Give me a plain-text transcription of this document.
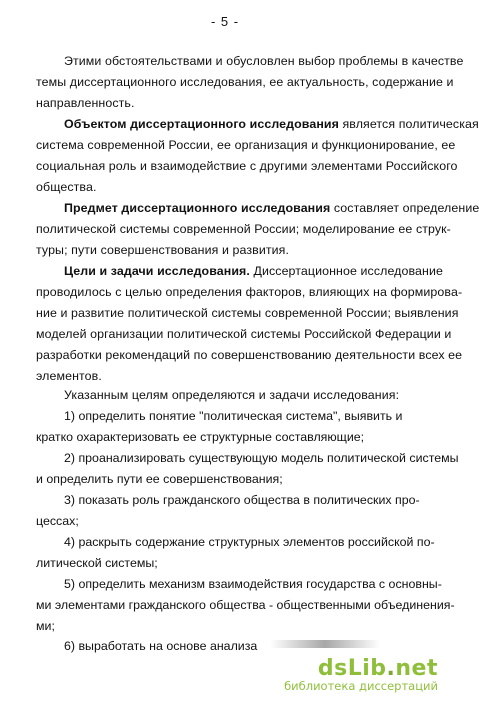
- 5 -
Этими обстоятельствами и обусловлен выбор проблемы в качестве
темы диссертационного исследования, ее актуальность, содержание и
направленность.
Объектом диссертационного исследования является политическая
система современной России, ее организация и функционирование, ее
социальная роль и взаимодействие с другими элементами Российского
общества.
Предмет диссертационного исследования составляет определение
политической системы современной России; моделирование ее струк-
туры; пути совершенствования и развития.
Цели и задачи исследования. Диссертационное исследование
проводилось с целью определения факторов, влияющих на формирова-
ние и развитие политической системы современной России; выявления
моделей организации политической системы Российской Федерации и
разработки рекомендаций по совершенствованию деятельности всех ее
элементов.
Указанным целям определяются и задачи исследования:
1) определить понятие "политическая система", выявить и
кратко охарактеризовать ее структурные составляющие;
2) проанализировать существующую модель политической системы
и определить пути ее совершенствования;
3) показать роль гражданского общества в политических про-
цессах;
4) раскрыть содержание структурных элементов российской по-
литической системы;
5) определить механизм взаимодействия государства с основны-
ми элементами гражданского общества - общественными объединения-
ми;
6) выработать на основе анализа
dsLib.net
библиотека диссертаций
